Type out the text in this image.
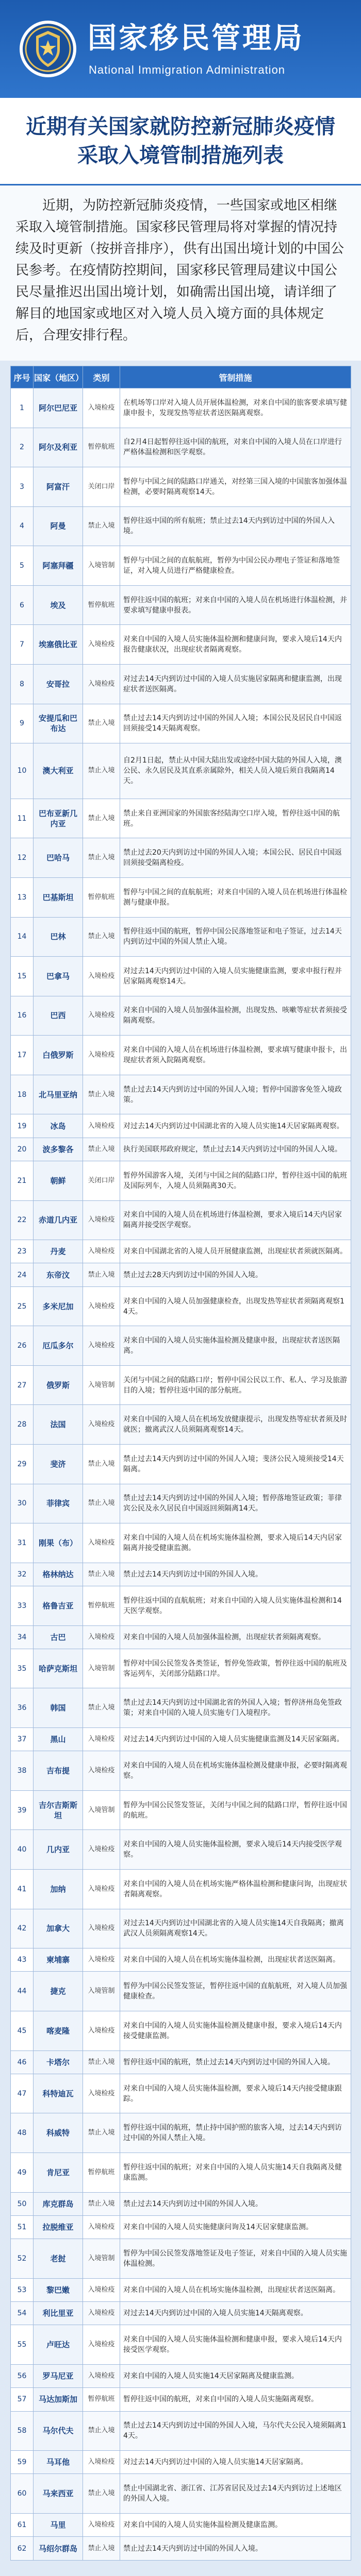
国家移民管理局
National Immigration Administration
近期有关国家就防控新冠肺炎疫情
采取入境管制措施列表
近期，为防控新冠肺炎疫情，一些国家或地区相继采取入境管制措施。国家移民管理局将对掌握的情况持续及时更新（按拼音排序），供有出国出境计划的中国公民参考。在疫情防控期间，国家移民管理局建议中国公民尽量推迟出国出境计划，如确需出国出境，请详细了解目的地国家或地区对入境人员入境方面的具体规定后，合理安排行程。
序号	国家（地区）	类别	管制措施
1	阿尔巴尼亚	入境检疫	在机场等口岸对入境人员开展体温检测，对来自中国的旅客要求填写健康申报卡，发现发热等症状者送医隔离观察。
2	阿尔及利亚	暂停航班	自2月4日起暂停往返中国的航班，对来自中国的入境人员在口岸进行严格体温检测和医学观察。
3	阿富汗	关闭口岸	暂停与中国之间的陆路口岸通关，对经第三国入境的中国旅客加强体温检测，必要时隔离观察14天。
4	阿曼	禁止入境	暂停往返中国的所有航班；禁止过去14天内到访过中国的外国人入境。
5	阿塞拜疆	入境管制	暂停与中国之间的直航航班，暂停为中国公民办理电子签证和落地签证，对入境人员进行严格健康检查。
6	埃及	暂停航班	暂停往返中国的航班；对来自中国的入境人员在机场进行体温检测，并要求填写健康申报表。
7	埃塞俄比亚	入境检疫	对来自中国的入境人员实施体温检测和健康问询，要求入境后14天内报告健康状况，出现症状者隔离观察。
8	安哥拉	入境检疫	对过去14天内到访过中国的入境人员实施居家隔离和健康监测，出现症状者送医隔离。
9	安提瓜和巴布达	禁止入境	禁止过去14天内到访过中国的外国人入境；本国公民及居民自中国返回须接受14天隔离观察。
10	澳大利亚	禁止入境	自2月1日起，禁止从中国大陆出发或途经中国大陆的外国人入境，澳公民、永久居民及其直系亲属除外，相关人员入境后须自我隔离14天。
11	巴布亚新几内亚	禁止入境	禁止来自亚洲国家的外国旅客经陆海空口岸入境，暂停往返中国的航班。
12	巴哈马	禁止入境	禁止过去20天内到访过中国的外国人入境；本国公民、居民自中国返回须接受隔离检疫。
13	巴基斯坦	暂停航班	暂停与中国之间的直航航班；对来自中国的入境人员在机场进行体温检测与健康申报。
14	巴林	禁止入境	暂停往返中国的航班，暂停中国公民落地签证和电子签证，过去14天内到访过中国的外国人禁止入境。
15	巴拿马	入境检疫	对过去14天内到访过中国的入境人员实施健康监测，要求申报行程并居家隔离观察14天。
16	巴西	入境检疫	对来自中国的入境人员加强体温检测，出现发热、咳嗽等症状者须接受隔离观察。
17	白俄罗斯	入境检疫	对来自中国的入境人员在机场进行体温检测，要求填写健康申报卡，出现症状者须入院隔离观察。
18	北马里亚纳	禁止入境	禁止过去14天内到访过中国的外国人入境；暂停中国游客免签入境政策。
19	冰岛	入境检疫	对过去14天内到访过中国湖北省的入境人员实施14天居家隔离观察。
20	波多黎各	禁止入境	执行美国联邦政府规定，禁止过去14天内到访过中国的外国人入境。
21	朝鲜	关闭口岸	暂停外国游客入境，关闭与中国之间的陆路口岸，暂停往返中国的航班及国际列车，入境人员须隔离30天。
22	赤道几内亚	入境检疫	对来自中国的入境人员在机场进行体温检测，要求入境后14天内居家隔离并接受医学观察。
23	丹麦	入境检疫	对来自中国湖北省的入境人员开展健康监测，出现症状者须就医隔离。
24	东帝汶	禁止入境	禁止过去28天内到访过中国的外国人入境。
25	多米尼加	入境检疫	对来自中国的入境人员加强健康检查，出现发热等症状者须隔离观察14天。
26	厄瓜多尔	入境检疫	对来自中国的入境人员实施体温检测及健康申报，出现症状者送医隔离。
27	俄罗斯	入境管制	关闭与中国之间的陆路口岸；暂停中国公民以工作、私人、学习及旅游目的入境；暂停往返中国的部分航班。
28	法国	入境检疫	对来自中国的入境人员在机场发放健康提示，出现发热等症状者须及时就医；撤离武汉人员须隔离观察14天。
29	斐济	禁止入境	禁止过去14天内到访过中国的外国人入境；斐济公民入境须接受14天隔离。
30	菲律宾	禁止入境	禁止过去14天内到访过中国的外国人入境；暂停落地签证政策；菲律宾公民及永久居民自中国返回须隔离14天。
31	刚果（布）	入境检疫	对来自中国的入境人员在机场实施体温检测，要求入境后14天内居家隔离并接受健康监测。
32	格林纳达	禁止入境	禁止过去14天内到访过中国的外国人入境。
33	格鲁吉亚	暂停航班	暂停往返中国的直航航班；对来自中国的入境人员实施体温检测和14天医学观察。
34	古巴	入境检疫	对来自中国的入境人员加强体温检测，出现症状者须隔离观察。
35	哈萨克斯坦	入境管制	暂停对中国公民签发各类签证，暂停免签政策，暂停往返中国的航班及客运列车，关闭部分陆路口岸。
36	韩国	禁止入境	禁止过去14天内到访过中国湖北省的外国人入境；暂停济州岛免签政策；对来自中国的入境人员实施专门入境程序。
37	黑山	入境检疫	对过去14天内到访过中国的入境人员实施健康监测及14天居家隔离。
38	吉布提	入境检疫	对来自中国的入境人员在机场实施体温检测及健康申报，必要时隔离观察。
39	吉尔吉斯斯坦	入境管制	暂停为中国公民签发签证，关闭与中国之间的陆路口岸，暂停往返中国的航班。
40	几内亚	入境检疫	对来自中国的入境人员实施体温检测，要求入境后14天内接受医学观察。
41	加纳	入境检疫	对来自中国的入境人员在机场实施严格体温检测和健康问询，出现症状者隔离观察。
42	加拿大	入境检疫	对过去14天内到访过中国湖北省的入境人员实施14天自我隔离；撤离武汉人员须隔离观察14天。
43	柬埔寨	入境检疫	对来自中国的入境人员在机场实施体温检测，出现症状者送医隔离。
44	捷克	入境管制	暂停为中国公民签发签证，暂停往返中国的直航航班，对入境人员加强健康检查。
45	喀麦隆	入境检疫	对来自中国的入境人员实施体温检测及健康申报，要求入境后14天内接受健康监测。
46	卡塔尔	禁止入境	暂停往返中国的航班，禁止过去14天内到访过中国的外国人入境。
47	科特迪瓦	入境检疫	对来自中国的入境人员实施体温检测，要求入境后14天内接受健康跟踪。
48	科威特	禁止入境	暂停往返中国的航班，禁止持中国护照的旅客入境，过去14天内到访过中国的外国人禁止入境。
49	肯尼亚	暂停航班	暂停往返中国的航班；对来自中国的入境人员实施14天自我隔离及健康监测。
50	库克群岛	禁止入境	禁止过去14天内到访过中国的外国人入境。
51	拉脱维亚	入境检疫	对来自中国的入境人员实施健康问询及14天居家健康监测。
52	老挝	入境管制	暂停为中国公民签发落地签证及电子签证，对来自中国的入境人员实施体温检测。
53	黎巴嫩	入境检疫	对来自中国的入境人员在机场实施体温检测，出现症状者送医隔离。
54	利比里亚	入境检疫	对过去14天内到访过中国的入境人员实施14天隔离观察。
55	卢旺达	入境检疫	对来自中国的入境人员实施体温检测和健康申报，要求入境后14天内接受医学观察。
56	罗马尼亚	入境检疫	对来自中国的入境人员实施14天居家隔离及健康监测。
57	马达加斯加	暂停航班	暂停往返中国的航班，对来自中国的入境人员实施隔离观察。
58	马尔代夫	禁止入境	禁止过去14天内到访过中国的外国人入境，马尔代夫公民入境须隔离14天。
59	马耳他	入境检疫	对过去14天内到访过中国的入境人员实施14天居家隔离。
60	马来西亚	禁止入境	禁止中国湖北省、浙江省、江苏省居民及过去14天内到访过上述地区的外国人入境。
61	马里	入境检疫	对来自中国的入境人员实施体温检测及健康监测。
62	马绍尔群岛	禁止入境	禁止过去14天内到访过中国的外国人入境。
